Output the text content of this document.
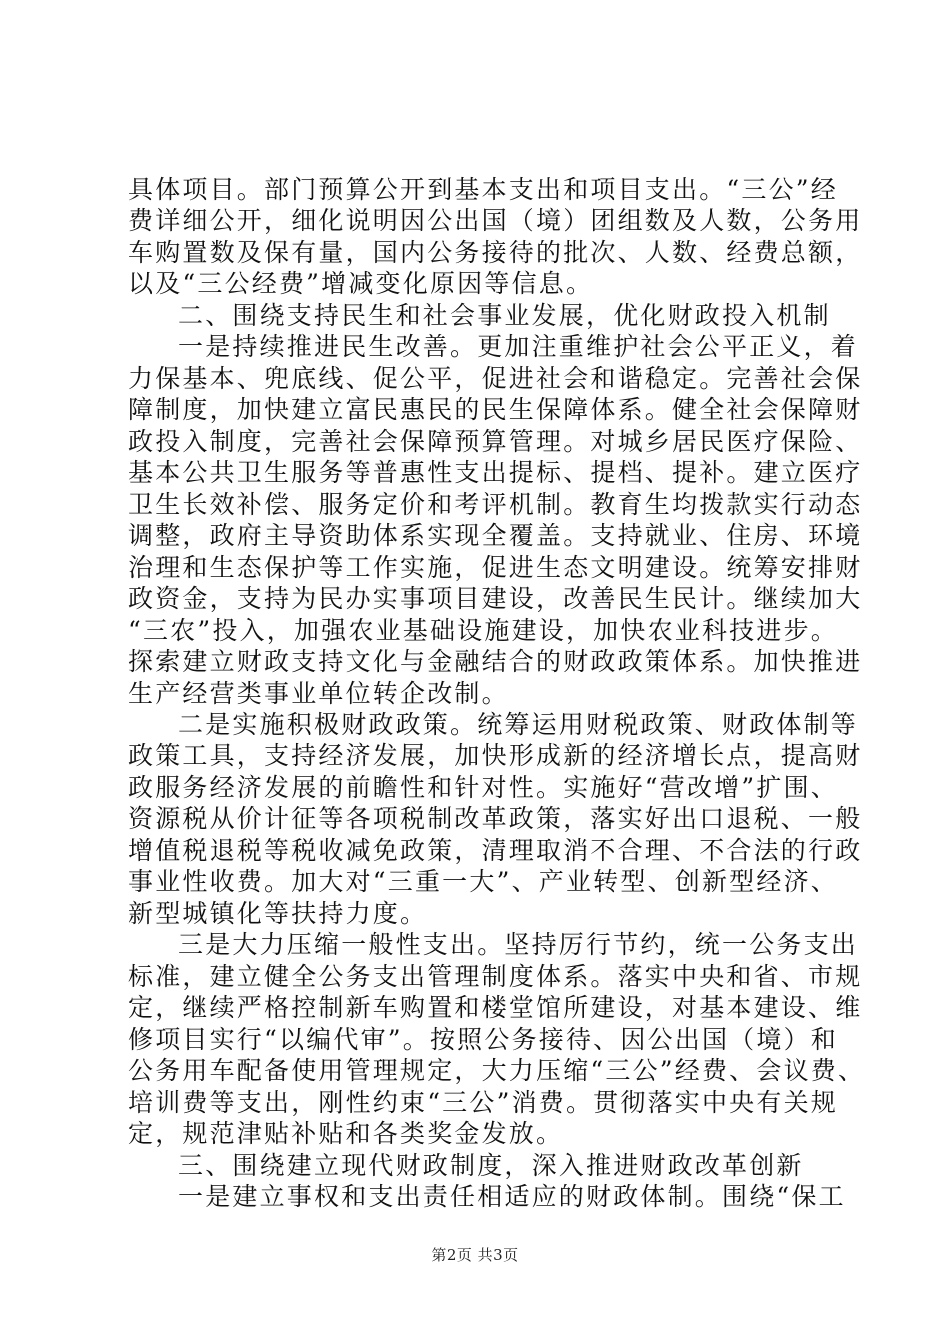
具体项目。部门预算公开到基本支出和项目支出。“三公”经
费详细公开，细化说明因公出国（境）团组数及人数，公务用
车购置数及保有量，国内公务接待的批次、人数、经费总额，
以及“三公经费”增减变化原因等信息。
二、围绕支持民生和社会事业发展，优化财政投入机制
一是持续推进民生改善。更加注重维护社会公平正义，着
力保基本、兜底线、促公平，促进社会和谐稳定。完善社会保
障制度，加快建立富民惠民的民生保障体系。健全社会保障财
政投入制度，完善社会保障预算管理。对城乡居民医疗保险、
基本公共卫生服务等普惠性支出提标、提档、提补。建立医疗
卫生长效补偿、服务定价和考评机制。教育生均拨款实行动态
调整，政府主导资助体系实现全覆盖。支持就业、住房、环境
治理和生态保护等工作实施，促进生态文明建设。统筹安排财
政资金，支持为民办实事项目建设，改善民生民计。继续加大
“三农”投入，加强农业基础设施建设，加快农业科技进步。
探索建立财政支持文化与金融结合的财政政策体系。加快推进
生产经营类事业单位转企改制。
二是实施积极财政政策。统筹运用财税政策、财政体制等
政策工具，支持经济发展，加快形成新的经济增长点，提高财
政服务经济发展的前瞻性和针对性。实施好“营改增”扩围、
资源税从价计征等各项税制改革政策，落实好出口退税、一般
增值税退税等税收减免政策，清理取消不合理、不合法的行政
事业性收费。加大对“三重一大”、产业转型、创新型经济、
新型城镇化等扶持力度。
三是大力压缩一般性支出。坚持厉行节约，统一公务支出
标准，建立健全公务支出管理制度体系。落实中央和省、市规
定，继续严格控制新车购置和楼堂馆所建设，对基本建设、维
修项目实行“以编代审”。按照公务接待、因公出国（境）和
公务用车配备使用管理规定，大力压缩“三公”经费、会议费、
培训费等支出，刚性约束“三公”消费。贯彻落实中央有关规
定，规范津贴补贴和各类奖金发放。
三、围绕建立现代财政制度，深入推进财政改革创新
一是建立事权和支出责任相适应的财政体制。围绕“保工
第2页 共3页
